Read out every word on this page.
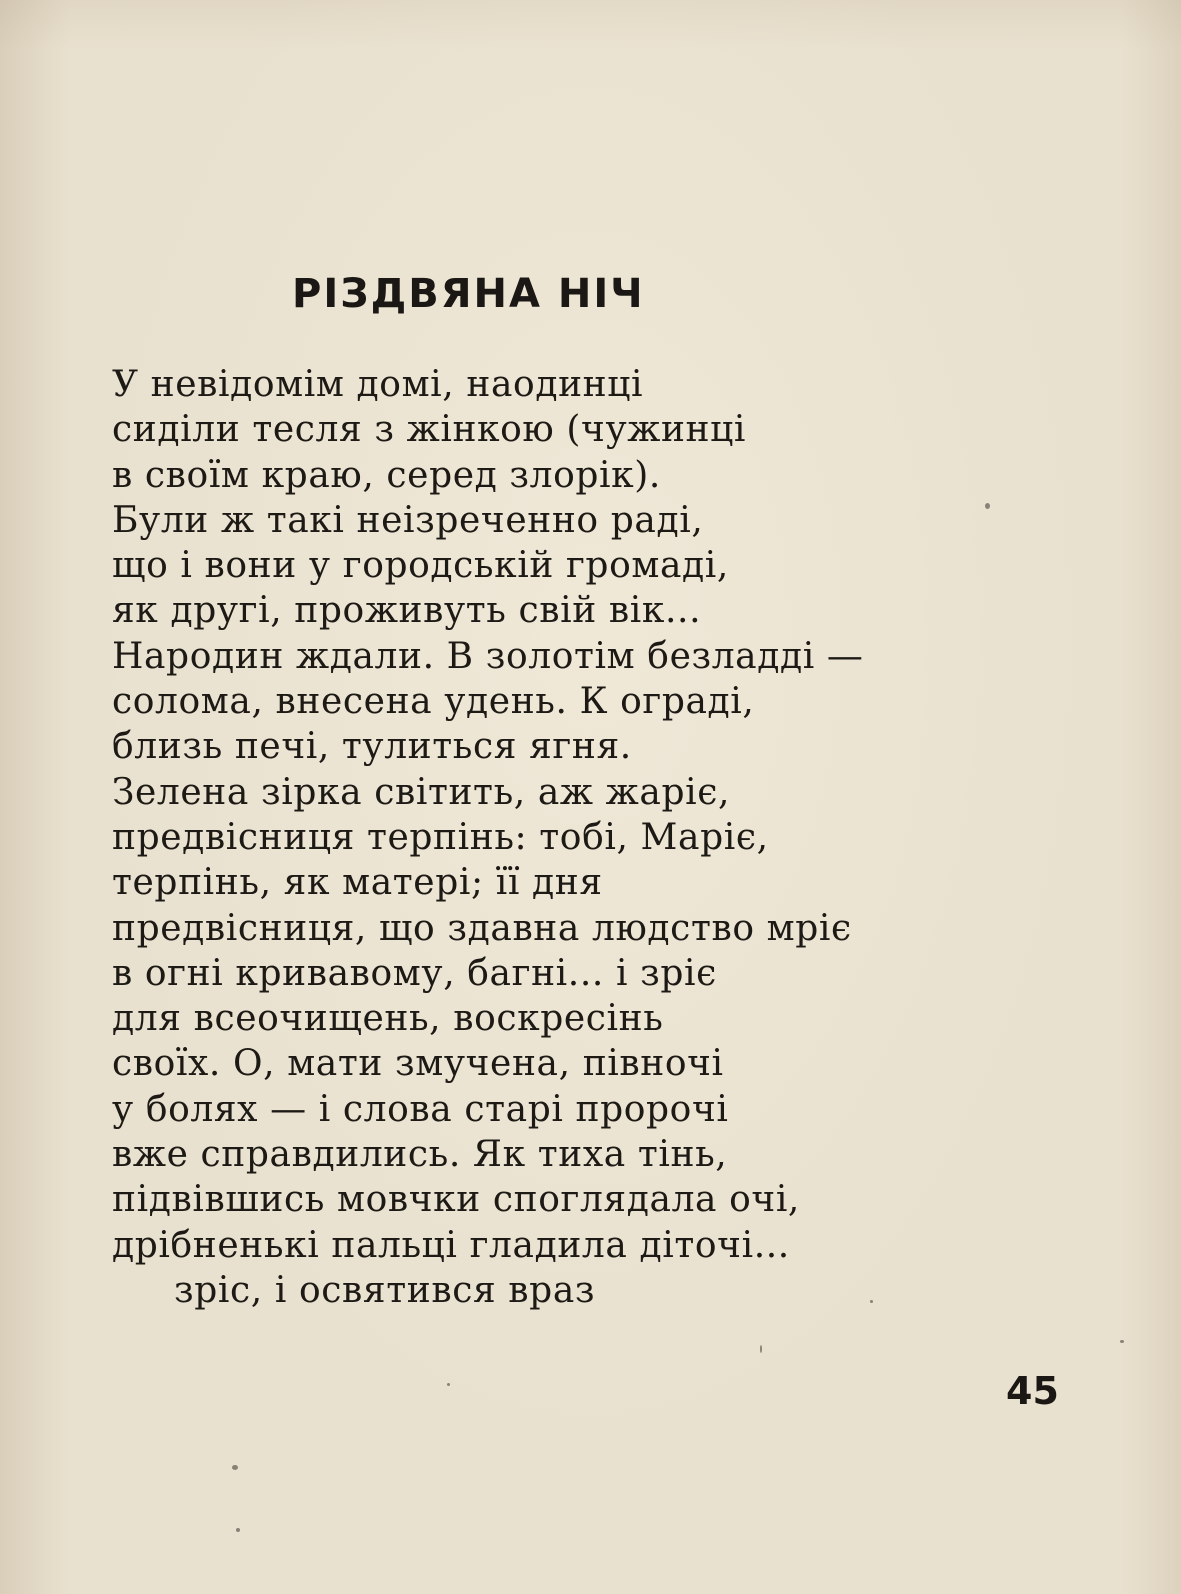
РІЗДВЯНА НІЧ
У невідомім домі, наодинці
сиділи тесля з жінкою (чужинці
в своїм краю, серед злорік).
Були ж такі неізреченно раді,
що і вони у городській громаді,
як другі, проживуть свій вік...
Народин ждали. В золотім безладді —
солома, внесена удень. К ограді,
близь печі, тулиться ягня.
Зелена зірка світить, аж жаріє,
предвісниця терпінь: тобі, Маріє,
терпінь, як матері; її дня
предвісниця, що здавна людство мріє
в огні кривавому, багні... і зріє
для всеочищень, воскресінь
своїх. О, мати змучена, півночі
у болях — і слова старі пророчі
вже справдились. Як тиха тінь,
підвівшись мовчки споглядала очі,
дрібненькі пальці гладила діточі...
зріс, і освятився враз
45
